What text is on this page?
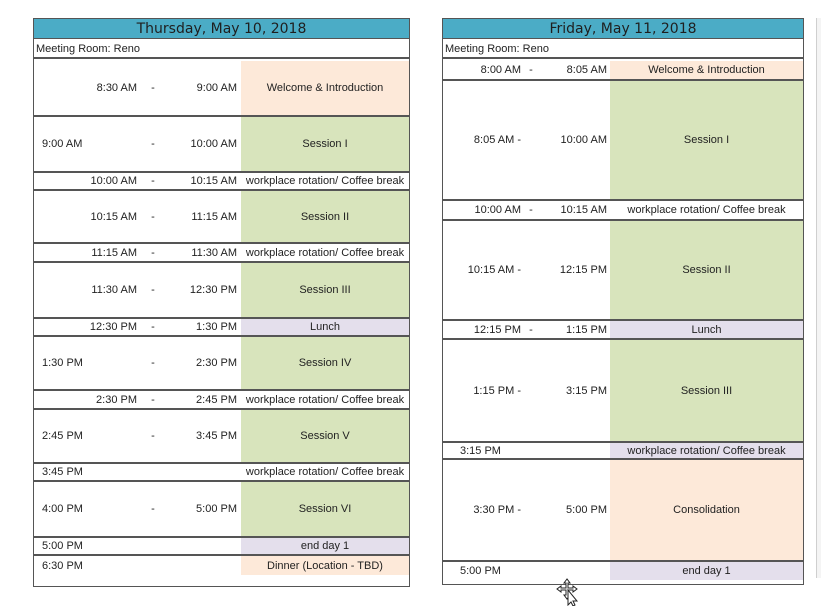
Thursday, May 10, 2018
Meeting Room: Reno
8:30 AM	-	9:00 AM	Welcome & Introduction
9:00 AM	-	10:00 AM	Session I
10:00 AM	-	10:15 AM workplace rotation/ Coffee break
10:15 AM	-	11:15 AM	Session II
11:15 AM	-	11:30 AM workplace rotation/ Coffee break
11:30 AM	-	12:30 PM	Session III
12:30 PM	-	1:30 PM	Lunch
1:30 PM	-	2:30 PM	Session IV
2:30 PM	-	2:45 PM workplace rotation/ Coffee break
2:45 PM	-	3:45 PM	Session V
3:45 PM	workplace rotation/ Coffee break
4:00 PM	-	5:00 PM	Session VI
5:00 PM	end day 1
6:30 PM	Dinner (Location - TBD)
Friday, May 11, 2018
Meeting Room: Reno
8:00 AM -	8:05 AM	Welcome & Introduction
8:05 AM -	10:00 AM	Session I
10:00 AM -	10:15 AM	workplace rotation/ Coffee break
10:15 AM -	12:15 PM	Session II
12:15 PM -	1:15 PM	Lunch
1:15 PM -	3:15 PM	Session III
3:15 PM	workplace rotation/ Coffee break
3:30 PM -	5:00 PM	Consolidation
5:00 PM	end day 1
